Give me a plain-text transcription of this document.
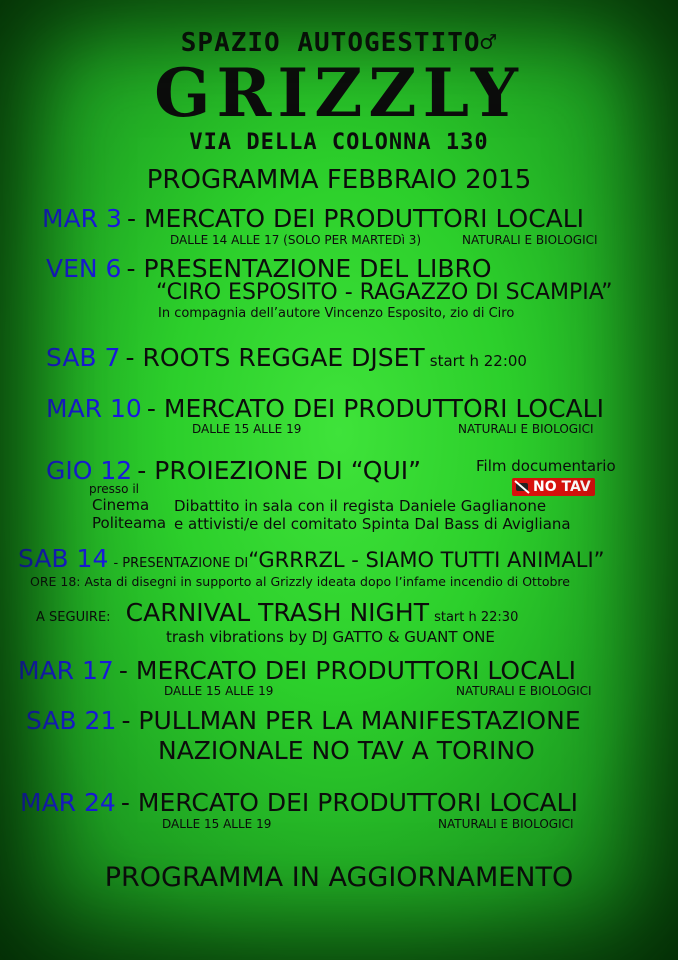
SPAZIO AUTOGESTITO♂
GRIZZLY
VIA DELLA COLONNA 130
PROGRAMMA FEBBRAIO 2015
MAR 3 - MERCATO DEI PRODUTTORI LOCALI
DALLE 14 ALLE 17 (SOLO PER MARTEDì 3)	NATURALI E BIOLOGICI
VEN 6 - PRESENTAZIONE DEL LIBRO
“CIRO ESPOSITO - RAGAZZO DI SCAMPIA”
In compagnia dell’autore Vincenzo Esposito, zio di Ciro
SAB 7 - ROOTS REGGAE DJSET start h 22:00
MAR 10 - MERCATO DEI PRODUTTORI LOCALI
DALLE 15 ALLE 19	NATURALI E BIOLOGICI
GIO 12 - PROIEZIONE DI “QUI”	Film documentario
NO TAV
presso il
Cinema
Politeama
Dibattito in sala con il regista Daniele Gaglianone
e attivisti/e del comitato Spinta Dal Bass di Avigliana
SAB 14 - PRESENTAZIONE DI“GRRRZL - SIAMO TUTTI ANIMALI”
ORE 18: Asta di disegni in supporto al Grizzly ideata dopo l’infame incendio di Ottobre
A SEGUIRE: CARNIVAL TRASH NIGHT start h 22:30
trash vibrations by DJ GATTO & GUANT ONE
MAR 17 - MERCATO DEI PRODUTTORI LOCALI
DALLE 15 ALLE 19	NATURALI E BIOLOGICI
SAB 21 - PULLMAN PER LA MANIFESTAZIONE
NAZIONALE NO TAV A TORINO
MAR 24 - MERCATO DEI PRODUTTORI LOCALI
DALLE 15 ALLE 19	NATURALI E BIOLOGICI
PROGRAMMA IN AGGIORNAMENTO
